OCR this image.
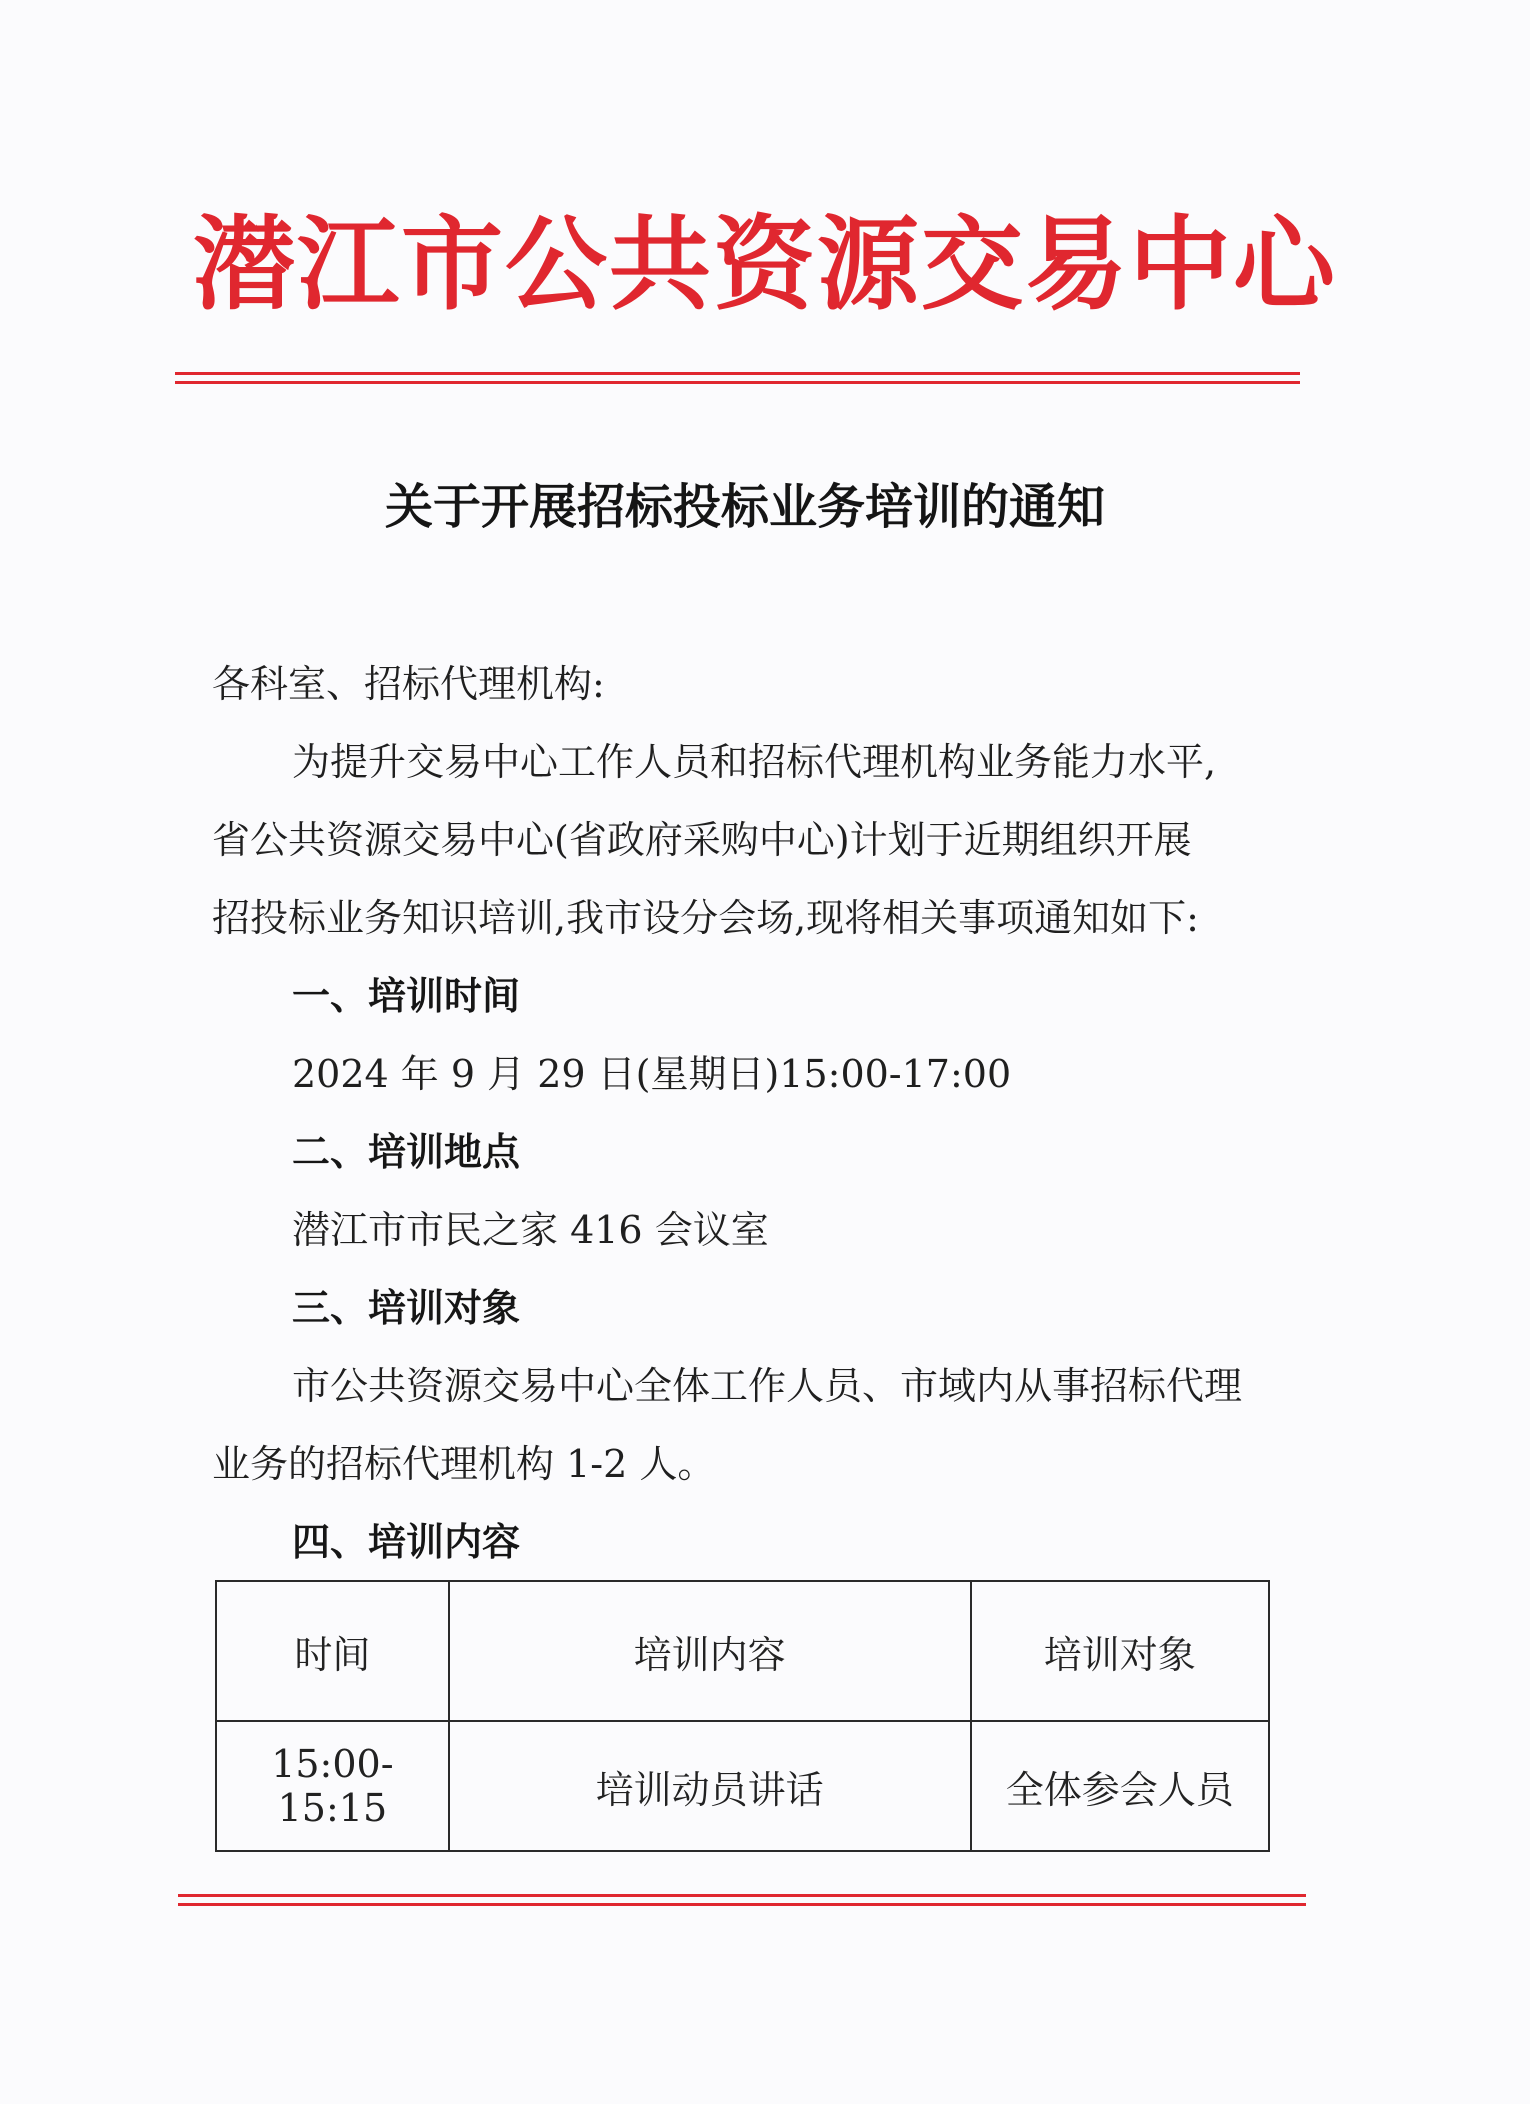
潜江市公共资源交易中心
关于开展招标投标业务培训的通知
各科室、招标代理机构:
为提升交易中心工作人员和招标代理机构业务能力水平,
省公共资源交易中心(省政府采购中心)计划于近期组织开展
招投标业务知识培训,我市设分会场,现将相关事项通知如下:
一、培训时间
2024 年 9 月 29 日(星期日)15:00-17:00
二、培训地点
潜江市市民之家 416 会议室
三、培训对象
市公共资源交易中心全体工作人员、市域内从事招标代理
业务的招标代理机构 1-2 人。
四、培训内容
时间	培训内容	培训对象
15:00-15:15	培训动员讲话	全体参会人员
